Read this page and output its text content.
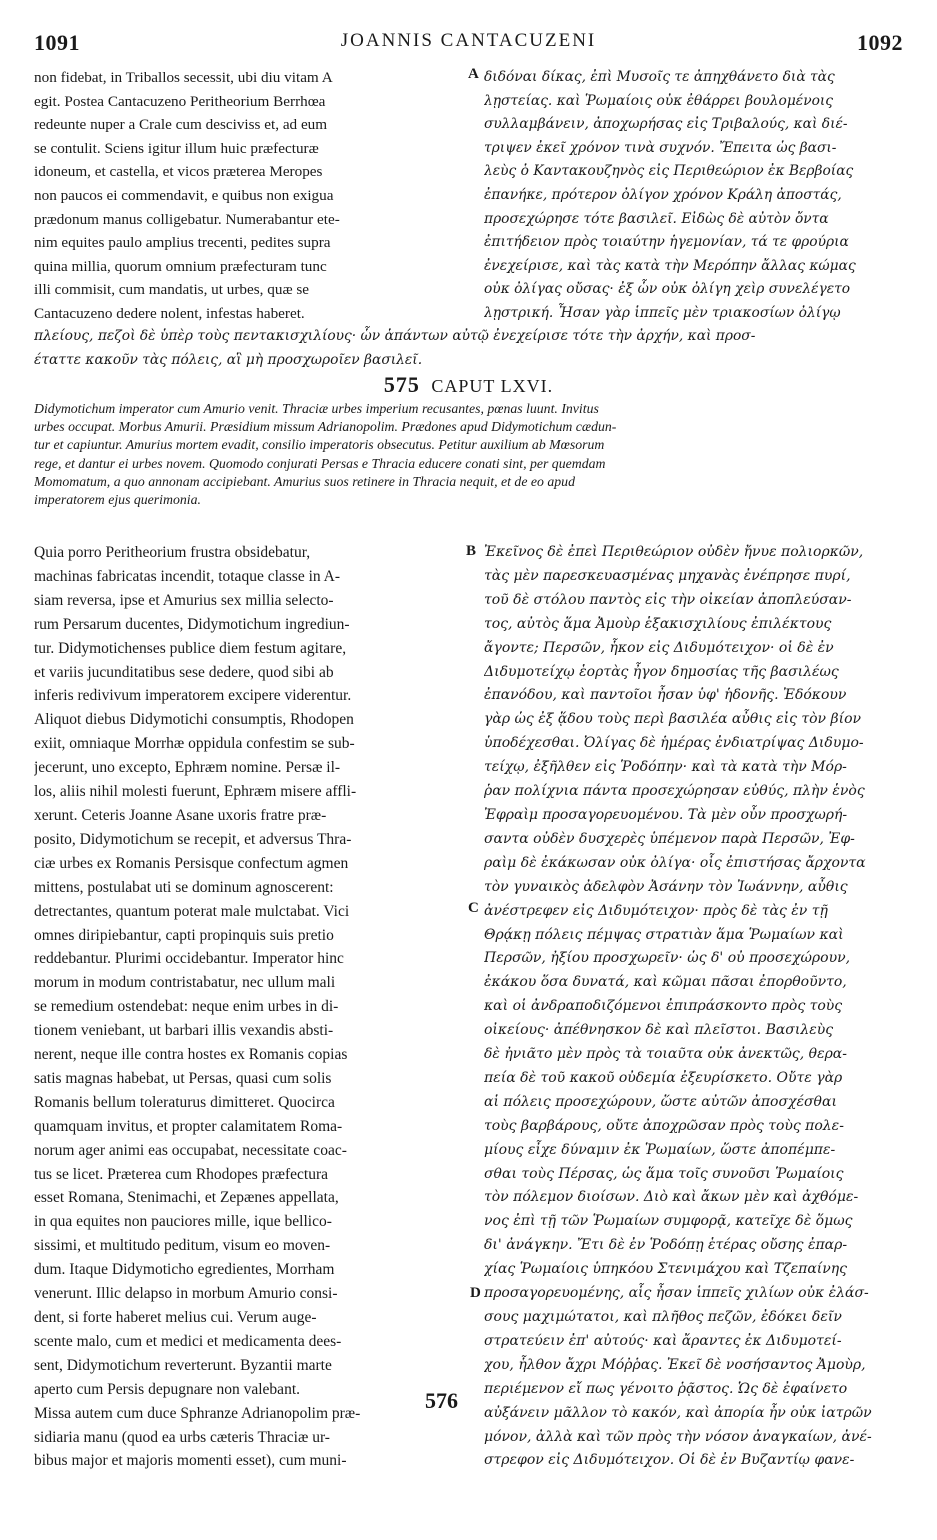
1091	JOANNIS CANTACUZENI	1092
non fidebat, in Triballos secessit, ubi diu vitam A
egit. Postea Cantacuzeno Peritheorium Berrhœa
redeunte nuper a Crale cum desciviss et, ad eum
se contulit. Sciens igitur illum huic præfecturæ
idoneum, et castella, et vicos præterea Meropes
non paucos ei commendavit, e quibus non exigua
prædonum manus colligebatur. Numerabantur ete-
nim equites paulo amplius trecenti, pedites supra
quina millia, quorum omnium præfecturam tunc
illi commisit, cum mandatis, ut urbes, quæ se
Cantacuzeno dedere nolent, infestas haberet.
διδόναι δίκας, ἐπὶ Μυσοῖς τε ἀπηχθάνετο διὰ τὰς
λῃστείας. καὶ Ῥωμαίοις οὐκ ἐθάρρει βουλομένοις
συλλαμβάνειν, ἀποχωρήσας εἰς Τριβαλούς, καὶ διέ-
τριψεν ἐκεῖ χρόνον τινὰ συχνόν. Ἔπειτα ὡς βασι-
λεὺς ὁ Καντακουζηνὸς εἰς Περιθεώριον ἐκ Βερβοίας
ἐπανήκε, πρότερον ὀλίγον χρόνον Κράλη ἀποστάς,
προσεχώρησε τότε βασιλεῖ. Εἰδὼς δὲ αὐτὸν ὄντα
ἐπιτήδειον πρὸς τοιαύτην ἡγεμονίαν, τά τε φρούρια
ἐνεχείρισε, καὶ τὰς κατὰ τὴν Μερόπην ἄλλας κώμας
οὐκ ὀλίγας οὔσας· ἐξ ὧν οὐκ ὀλίγη χεὶρ συνελέγετο
λῃστρική. Ἦσαν γὰρ ἱππεῖς μὲν τριακοσίων ὀλίγῳ
A
πλείους, πεζοὶ δὲ ὑπὲρ τοὺς πεντακισχιλίους· ὧν ἁπάντων αὐτῷ ἐνεχείρισε τότε τὴν ἀρχήν, καὶ προσ-
έταττε κακοῦν τὰς πόλεις, αἳ μὴ προσχωροῖεν βασιλεῖ.
575 CAPUT LXVI.
Didymotichum imperator cum Amurio venit. Thraciæ urbes imperium recusantes, pœnas luunt. Invitus
urbes occupat. Morbus Amurii. Præsidium missum Adrianopolim. Prædones apud Didymotichum cædun-
tur et capiuntur. Amurius mortem evadit, consilio imperatoris obsecutus. Petitur auxilium ab Mœsorum
rege, et dantur ei urbes novem. Quomodo conjurati Persas e Thracia educere conati sint, per quemdam
Momomatum, a quo annonam accipiebant. Amurius suos retinere in Thracia nequit, et de eo apud
imperatorem ejus querimonia.
Quia porro Peritheorium frustra obsidebatur,
machinas fabricatas incendit, totaque classe in A-
siam reversa, ipse et Amurius sex millia selecto-
rum Persarum ducentes, Didymotichum ingrediun-
tur. Didymotichenses publice diem festum agitare,
et variis jucunditatibus sese dedere, quod sibi ab
inferis redivivum imperatorem excipere viderentur.
Aliquot diebus Didymotichi consumptis, Rhodopen
exiit, omniaque Morrhæ oppidula confestim se sub-
jecerunt, uno excepto, Ephræm nomine. Persæ il-
los, aliis nihil molesti fuerunt, Ephræm misere affli-
xerunt. Ceteris Joanne Asane uxoris fratre præ-
posito, Didymotichum se recepit, et adversus Thra-
ciæ urbes ex Romanis Persisque confectum agmen
mittens, postulabat uti se dominum agnoscerent:
detrectantes, quantum poterat male mulctabat. Vici
omnes diripiebantur, capti propinquis suis pretio
reddebantur. Plurimi occidebantur. Imperator hinc
morum in modum contristabatur, nec ullum mali
se remedium ostendebat: neque enim urbes in di-
tionem veniebant, ut barbari illis vexandis absti-
nerent, neque ille contra hostes ex Romanis copias
satis magnas habebat, ut Persas, quasi cum solis
Romanis bellum toleraturus dimitteret. Quocirca
quamquam invitus, et propter calamitatem Roma-
norum ager animi eas occupabat, necessitate coac-
tus se licet. Præterea cum Rhodopes præfectura
esset Romana, Stenimachi, et Zepænes appellata,
in qua equites non pauciores mille, ique bellico-
sissimi, et multitudo peditum, visum eo moven-
dum. Itaque Didymoticho egredientes, Morrham
venerunt. Illic delapso in morbum Amurio consi-
dent, si forte haberet melius cui. Verum auge-
scente malo, cum et medici et medicamenta dees-
sent, Didymotichum reverterunt. Byzantii marte
aperto cum Persis depugnare non valebant.
Missa autem cum duce Sphranze Adrianopolim præ-
sidiaria manu (quod ea urbs cæteris Thraciæ ur-
bibus major et majoris momenti esset), cum muni-
Ἐκεῖνος δὲ ἐπεὶ Περιθεώριον οὐδὲν ἤνυε πολιορκῶν,
τὰς μὲν παρεσκευασμένας μηχανὰς ἐνέπρησε πυρί,
τοῦ δὲ στόλου παντὸς εἰς τὴν οἰκείαν ἀποπλεύσαν-
τος, αὐτὸς ἅμα Ἀμοὺρ ἑξακισχιλίους ἐπιλέκτους
ἄγοντε; Περσῶν, ἧκον εἰς Διδυμότειχον· οἱ δὲ ἐν
Διδυμοτείχῳ ἑορτὰς ἦγον δημοσίας τῆς βασιλέως
ἐπανόδου, καὶ παντοῖοι ἦσαν ὑφ' ἡδονῆς. Ἐδόκουν
γὰρ ὡς ἐξ ᾅδου τοὺς περὶ βασιλέα αὖθις εἰς τὸν βίον
ὑποδέχεσθαι. Ὀλίγας δὲ ἡμέρας ἐνδιατρίψας Διδυμο-
τείχῳ, ἐξῆλθεν εἰς Ῥοδόπην· καὶ τὰ κατὰ τὴν Μόρ-
ῥαν πολίχνια πάντα προσεχώρησαν εὐθύς, πλὴν ἑνὸς
Ἐφραὶμ προσαγορευομένου. Τὰ μὲν οὖν προσχωρή-
σαντα οὐδὲν δυσχερὲς ὑπέμενον παρὰ Περσῶν, Ἐφ-
ραὶμ δὲ ἐκάκωσαν οὐκ ὀλίγα· οἷς ἐπιστήσας ἄρχοντα
τὸν γυναικὸς ἀδελφὸν Ἀσάνην τὸν Ἰωάννην, αὖθις
ἀνέστρεφεν εἰς Διδυμότειχον· πρὸς δὲ τὰς ἐν τῇ
Θρᾴκῃ πόλεις πέμψας στρατιὰν ἅμα Ῥωμαίων καὶ
Περσῶν, ἠξίου προσχωρεῖν· ὡς δ' οὐ προσεχώρουν,
ἐκάκου ὅσα δυνατά, καὶ κῶμαι πᾶσαι ἐπορθοῦντο,
καὶ οἱ ἀνδραποδιζόμενοι ἐπιπράσκοντο πρὸς τοὺς
οἰκείους· ἀπέθνησκον δὲ καὶ πλεῖστοι. Βασιλεὺς
δὲ ἠνιᾶτο μὲν πρὸς τὰ τοιαῦτα οὐκ ἀνεκτῶς, θερα-
πεία δὲ τοῦ κακοῦ οὐδεμία ἐξευρίσκετο. Οὔτε γὰρ
αἱ πόλεις προσεχώρουν, ὥστε αὐτῶν ἀποσχέσθαι
τοὺς βαρβάρους, οὔτε ἀποχρῶσαν πρὸς τοὺς πολε-
μίους εἶχε δύναμιν ἐκ Ῥωμαίων, ὥστε ἀποπέμπε-
σθαι τοὺς Πέρσας, ὡς ἅμα τοῖς συνοῦσι Ῥωμαίοις
τὸν πόλεμον διοίσων. Διὸ καὶ ἄκων μὲν καὶ ἀχθόμε-
νος ἐπὶ τῇ τῶν Ῥωμαίων συμφορᾷ, κατεῖχε δὲ ὅμως
δι' ἀνάγκην. Ἔτι δὲ ἐν Ῥοδόπῃ ἑτέρας οὔσης ἐπαρ-
χίας Ῥωμαίοις ὑπηκόου Στενιμάχου καὶ Τζεπαίνης
προσαγορευομένης, αἷς ἦσαν ἱππεῖς χιλίων οὐκ ἐλάσ-
σους μαχιμώτατοι, καὶ πλῆθος πεζῶν, ἐδόκει δεῖν
στρατεύειν ἐπ' αὐτούς· καὶ ἄραντες ἐκ Διδυμοτεί-
χου, ἧλθον ἄχρι Μόῤῥας. Ἐκεῖ δὲ νοσήσαντος Ἀμοὺρ,
περιέμενον εἴ πως γένοιτο ῥᾷστος. Ὡς δὲ ἐφαίνετο
αὐξάνειν μᾶλλον τὸ κακόν, καὶ ἀπορία ἦν οὐκ ἰατρῶν
μόνον, ἀλλὰ καὶ τῶν πρὸς τὴν νόσον ἀναγκαίων, ἀνέ-
στρεφον εἰς Διδυμότειχον. Οἱ δὲ ἐν Βυζαντίῳ φανε-
B
C
D
576
